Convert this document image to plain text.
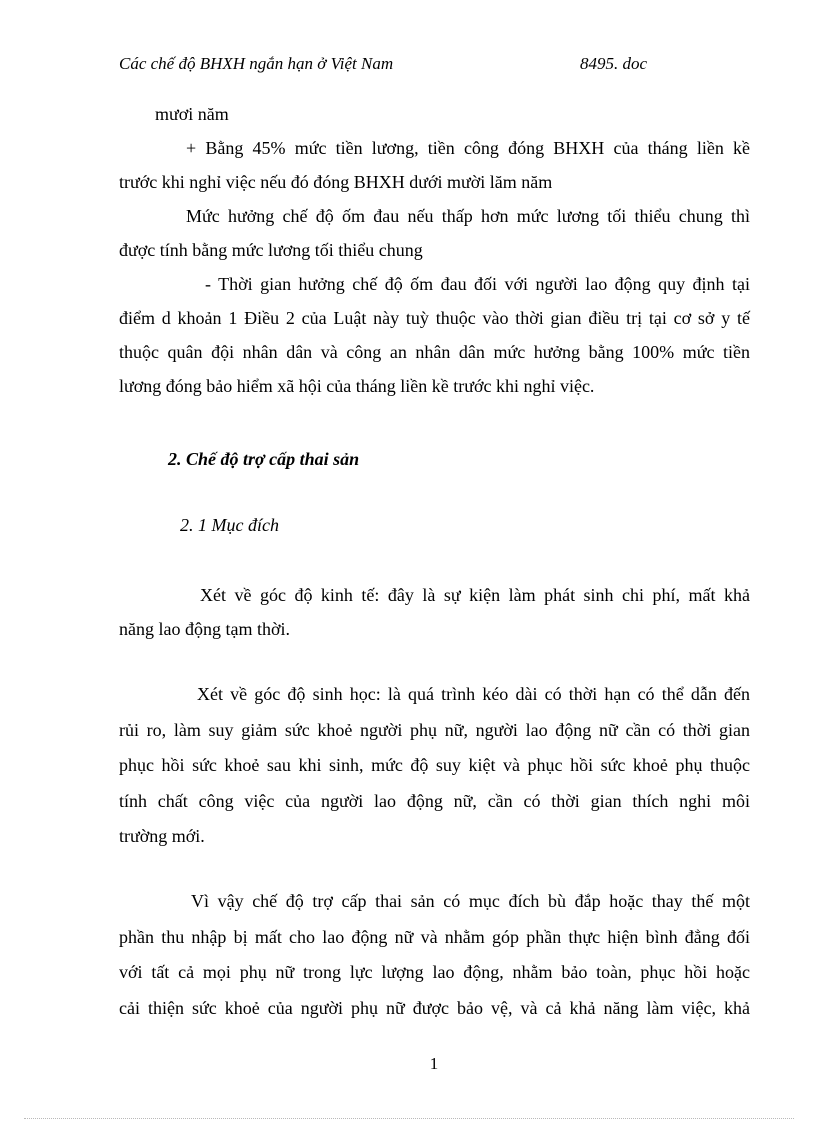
Các chế độ BHXH ngắn hạn ở Việt Nam	8495. doc
mươi năm
+ Bằng 45% mức tiền lương, tiền công đóng BHXH của tháng liền kề
trước khi nghỉ việc nếu đó đóng BHXH dưới mười lăm năm
Mức hưởng chế độ ốm đau nếu thấp hơn mức lương tối thiểu chung thì
được tính bằng mức lương tối thiểu chung
- Thời gian hưởng chế độ ốm đau đối với người lao động quy định tại
điểm d khoản 1 Điều 2 của Luật này tuỳ thuộc vào thời gian điều trị tại cơ sở y tế
thuộc quân đội nhân dân và công an nhân dân mức hưởng bằng 100% mức tiền
lương đóng bảo hiểm xã hội của tháng liền kề trước khi nghỉ việc.
2. Chế độ trợ cấp thai sản
2. 1 Mục đích
Xét về góc độ kinh tế: đây là sự kiện làm phát sinh chi phí, mất khả
năng lao động tạm thời.
Xét về góc độ sinh học: là quá trình kéo dài có thời hạn có thể dẫn đến
rủi ro, làm suy giảm sức khoẻ người phụ nữ, người lao động nữ cần có thời gian
phục hồi sức khoẻ sau khi sinh, mức độ suy kiệt và phục hồi sức khoẻ phụ thuộc
tính chất công việc của người lao động nữ, cần có thời gian thích nghi môi
trường mới.
Vì vậy chế độ trợ cấp thai sản có mục đích bù đắp hoặc thay thế một
phần thu nhập bị mất cho lao động nữ và nhằm góp phần thực hiện bình đẳng đối
với tất cả mọi phụ nữ trong lực lượng lao động, nhằm bảo toàn, phục hồi hoặc
cải thiện sức khoẻ của người phụ nữ được bảo vệ, và cả khả năng làm việc, khả
1
